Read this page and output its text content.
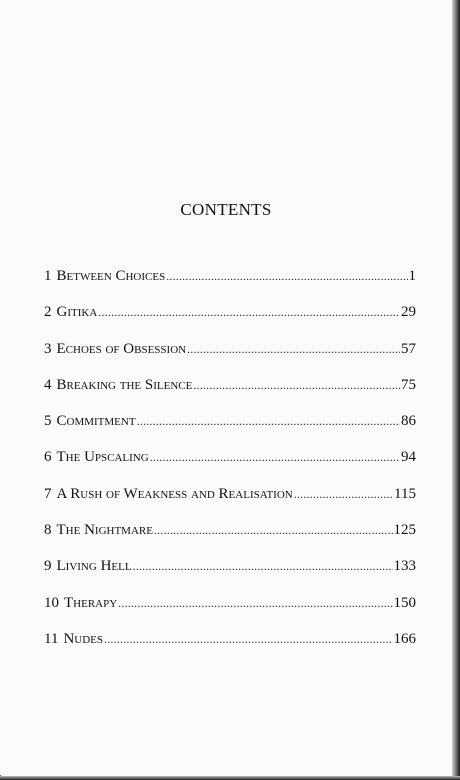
CONTENTS
1 Between Choices .....	1
2 Gitika .....	29
3 Echoes of Obsession .....	57
4 Breaking the Silence .....	75
5 Commitment .....	86
6 The Upscaling .....	94
7 A Rush of Weakness and Realisation .....	115
8 The Nightmare .....	125
9 Living Hell .....	133
10 Therapy .....	150
11 Nudes .....	166
